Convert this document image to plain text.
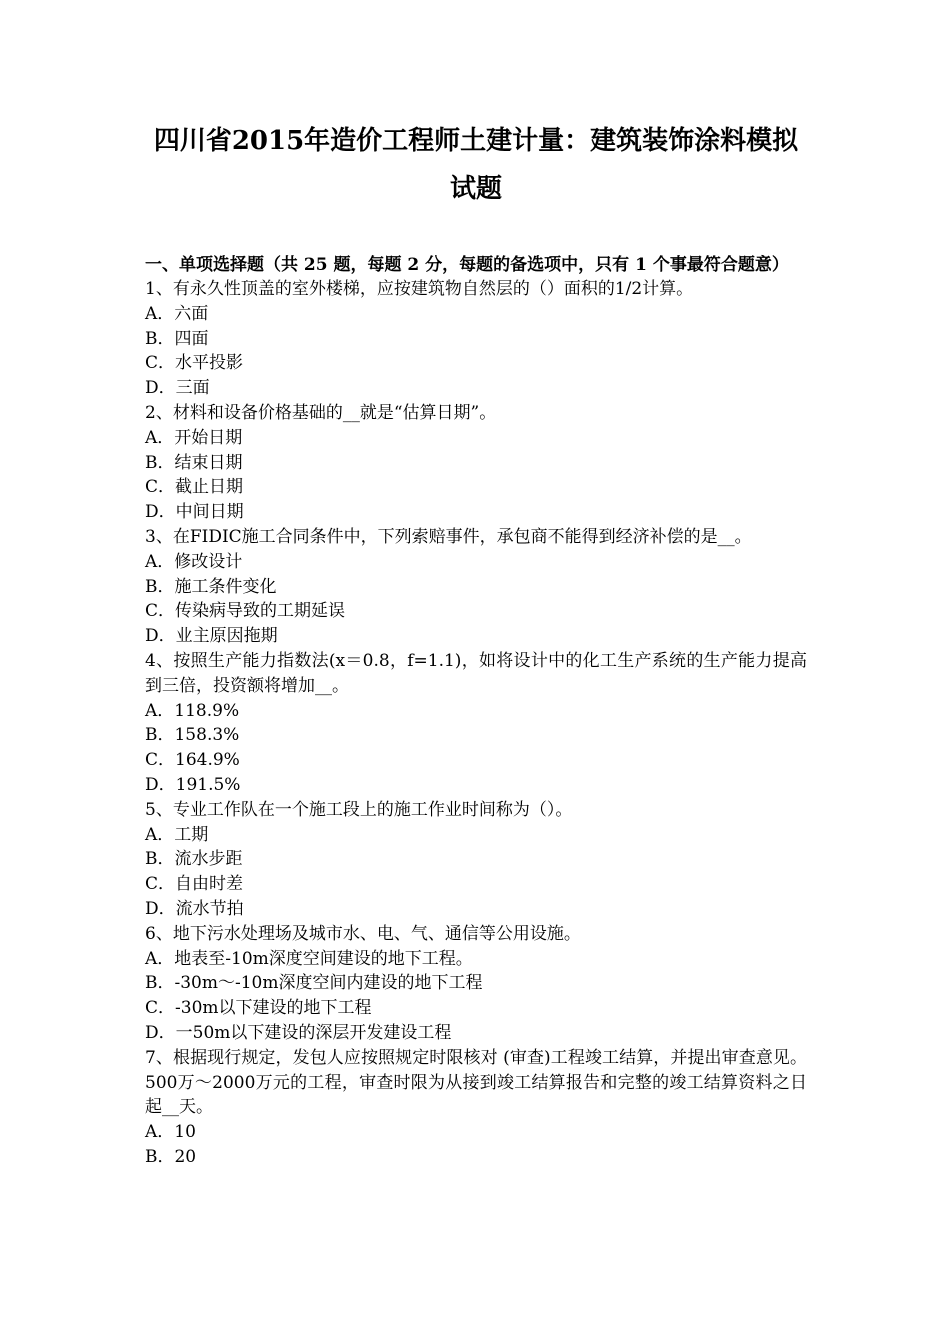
四川省2015年造价工程师土建计量：建筑装饰涂料模拟试题
一、单项选择题（共 25 题，每题 2 分，每题的备选项中，只有 1 个事最符合题意）

1、有永久性顶盖的室外楼梯，应按建筑物自然层的（）面积的1/2计算。

A．六面

B．四面

C．水平投影

D．三面

2、材料和设备价格基础的__就是“估算日期”。

A．开始日期

B．结束日期

C．截止日期

D．中间日期

3、在FIDIC施工合同条件中，下列索赔事件，承包商不能得到经济补偿的是__。

A．修改设计

B．施工条件变化

C．传染病导致的工期延误

D．业主原因拖期

4、按照生产能力指数法(x＝0.8，f=1.1)，如将设计中的化工生产系统的生产能力提高到三倍，投资额将增加__。

A．118.9%

B．158.3%

C．164.9%

D．191.5%

5、专业工作队在一个施工段上的施工作业时间称为（）。

A．工期

B．流水步距

C．自由时差

D．流水节拍

6、地下污水处理场及城市水、电、气、通信等公用设施。

A．地表至-10m深度空间建设的地下工程。

B．-30m～-10m深度空间内建设的地下工程

C．-30m以下建设的地下工程

D．一50m以下建设的深层开发建设工程

7、根据现行规定，发包人应按照规定时限核对 (审查)工程竣工结算，并提出审查意见。500万～2000万元的工程，审查时限为从接到竣工结算报告和完整的竣工结算资料之日起__天。

A．10

B．20
